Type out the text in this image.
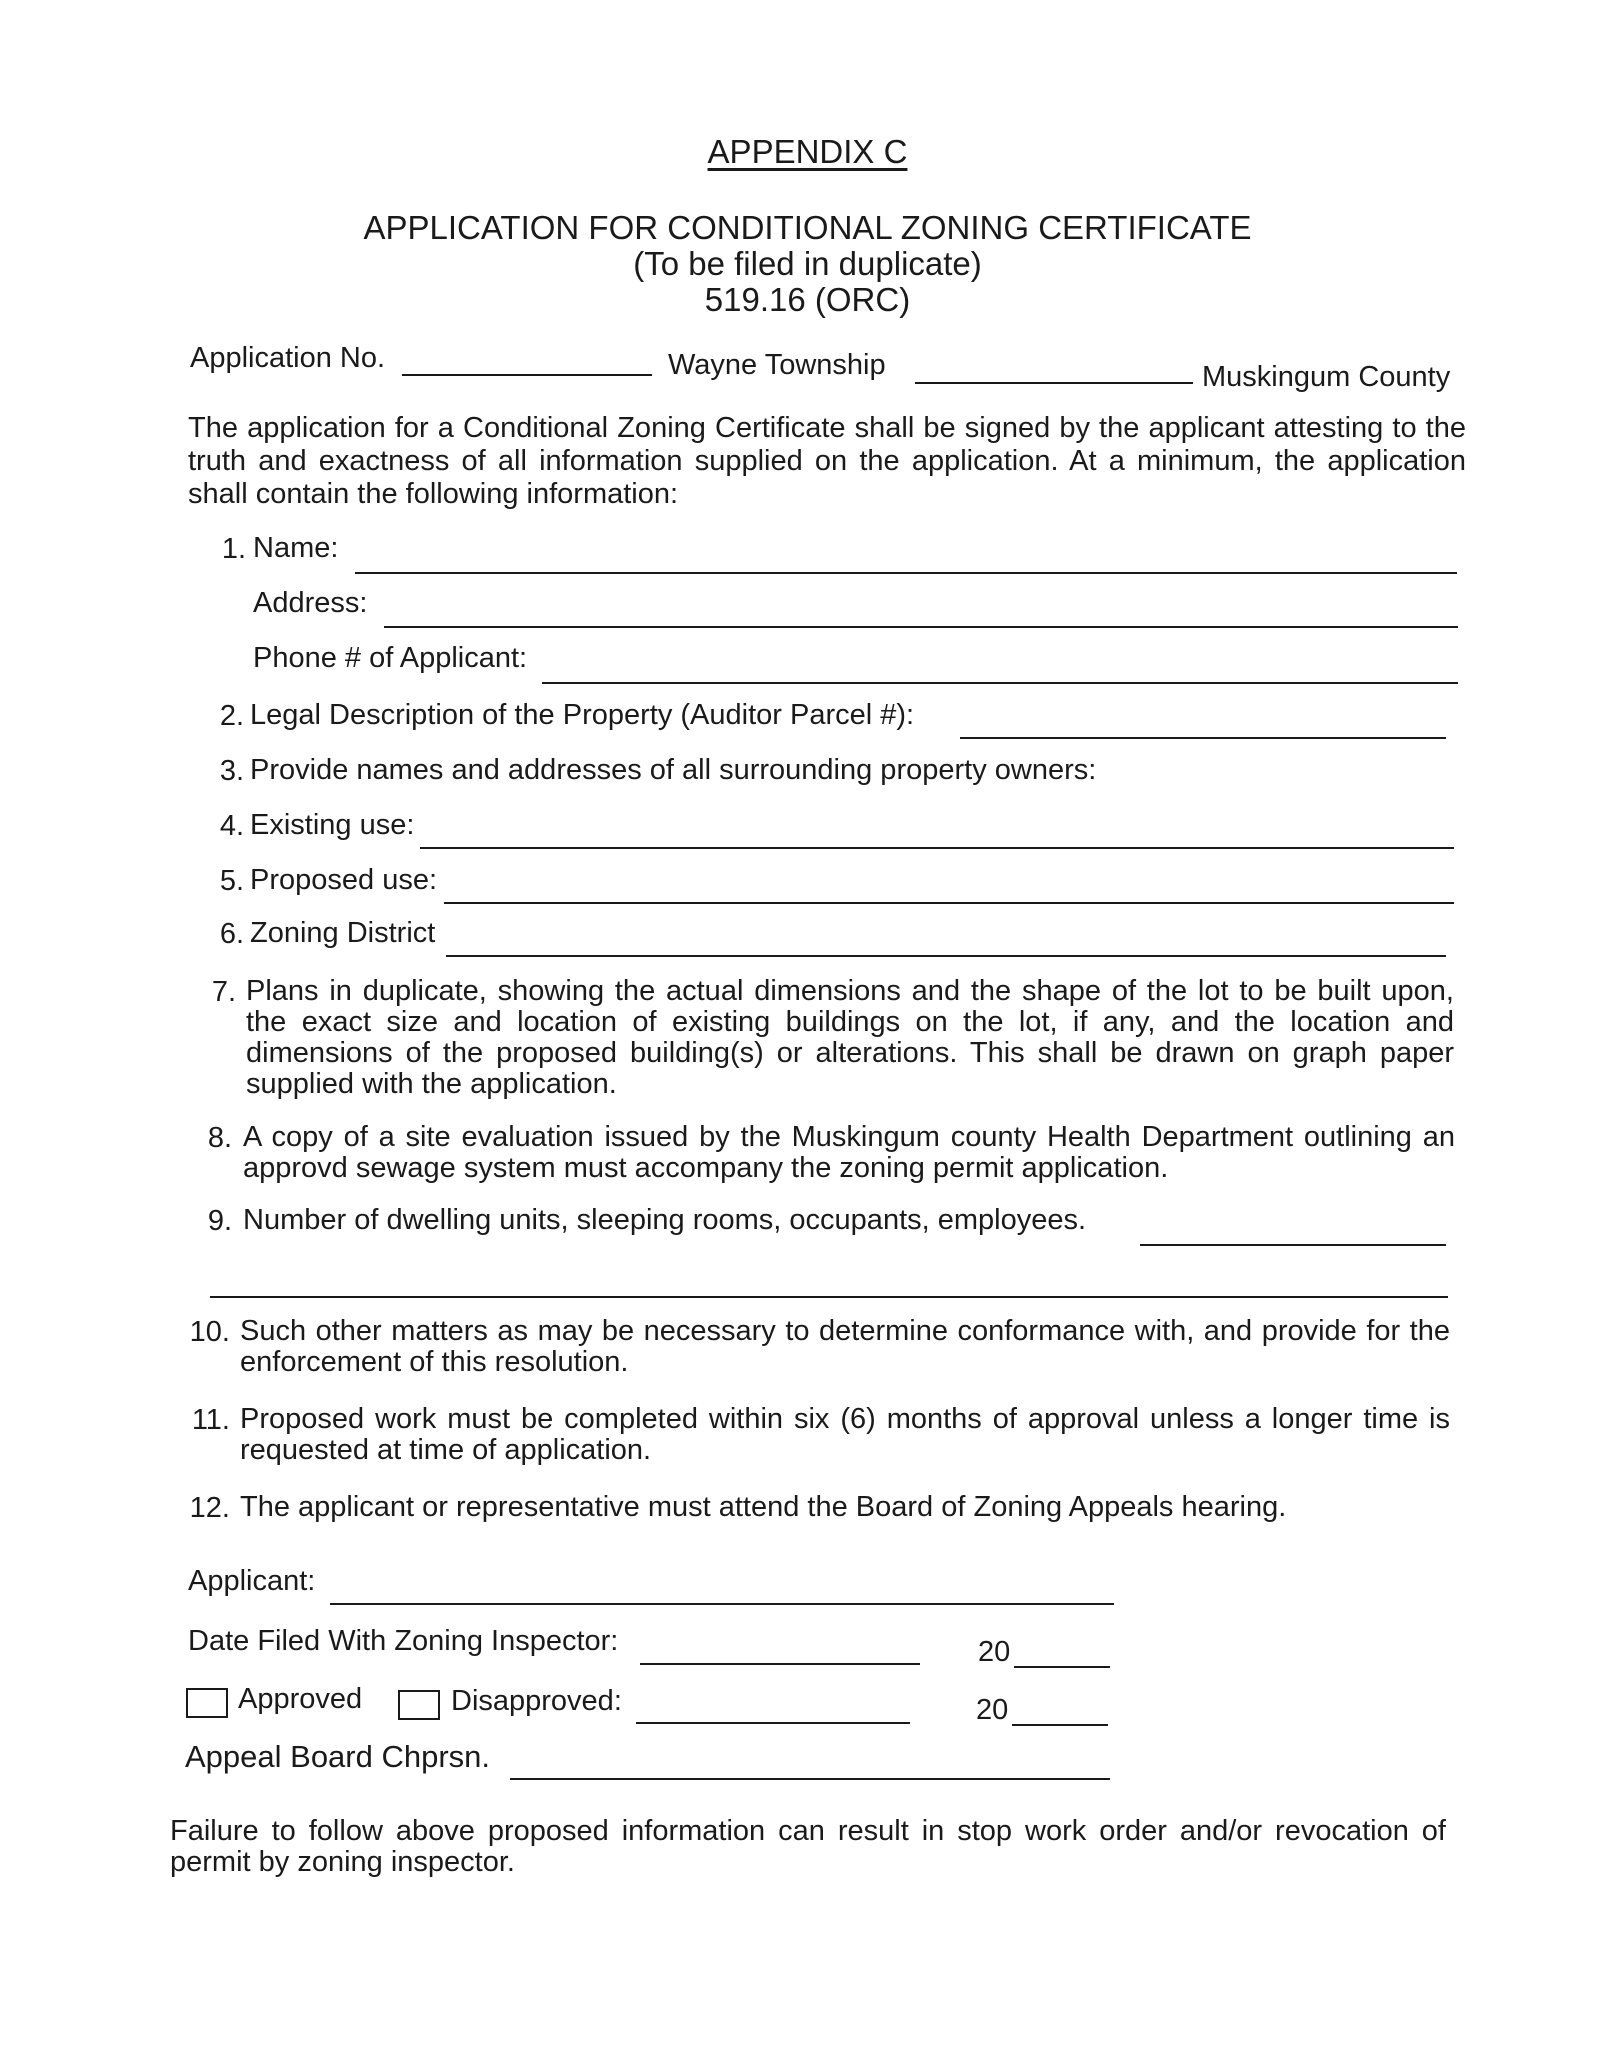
APPENDIX C
APPLICATION FOR CONDITIONAL ZONING CERTIFICATE
(To be filed in duplicate)
519.16 (ORC)
Application No.	Wayne Township	Muskingum County
The application for a Conditional Zoning Certificate shall be signed by the applicant attesting to the truth and exactness of all information supplied on the application. At a minimum, the application shall contain the following information:
1. Name:
Address:
Phone # of Applicant:
2. Legal Description of the Property (Auditor Parcel #):
3. Provide names and addresses of all surrounding property owners:
4. Existing use:
5. Proposed use:
6. Zoning District
7. Plans in duplicate, showing the actual dimensions and the shape of the lot to be built upon, the exact size and location of existing buildings on the lot, if any, and the location and dimensions of the proposed building(s) or alterations. This shall be drawn on graph paper supplied with the application.
8. A copy of a site evaluation issued by the Muskingum county Health Department outlining an approvd sewage system must accompany the zoning permit application.
9. Number of dwelling units, sleeping rooms, occupants, employees.
10. Such other matters as may be necessary to determine conformance with, and provide for the enforcement of this resolution.
11. Proposed work must be completed within six (6) months of approval unless a longer time is requested at time of application.
12. The applicant or representative must attend the Board of Zoning Appeals hearing.
Applicant:
Date Filed With Zoning Inspector:	20
Approved	Disapproved:	20
Appeal Board Chprsn.
Failure to follow above proposed information can result in stop work order and/or revocation of permit by zoning inspector.
